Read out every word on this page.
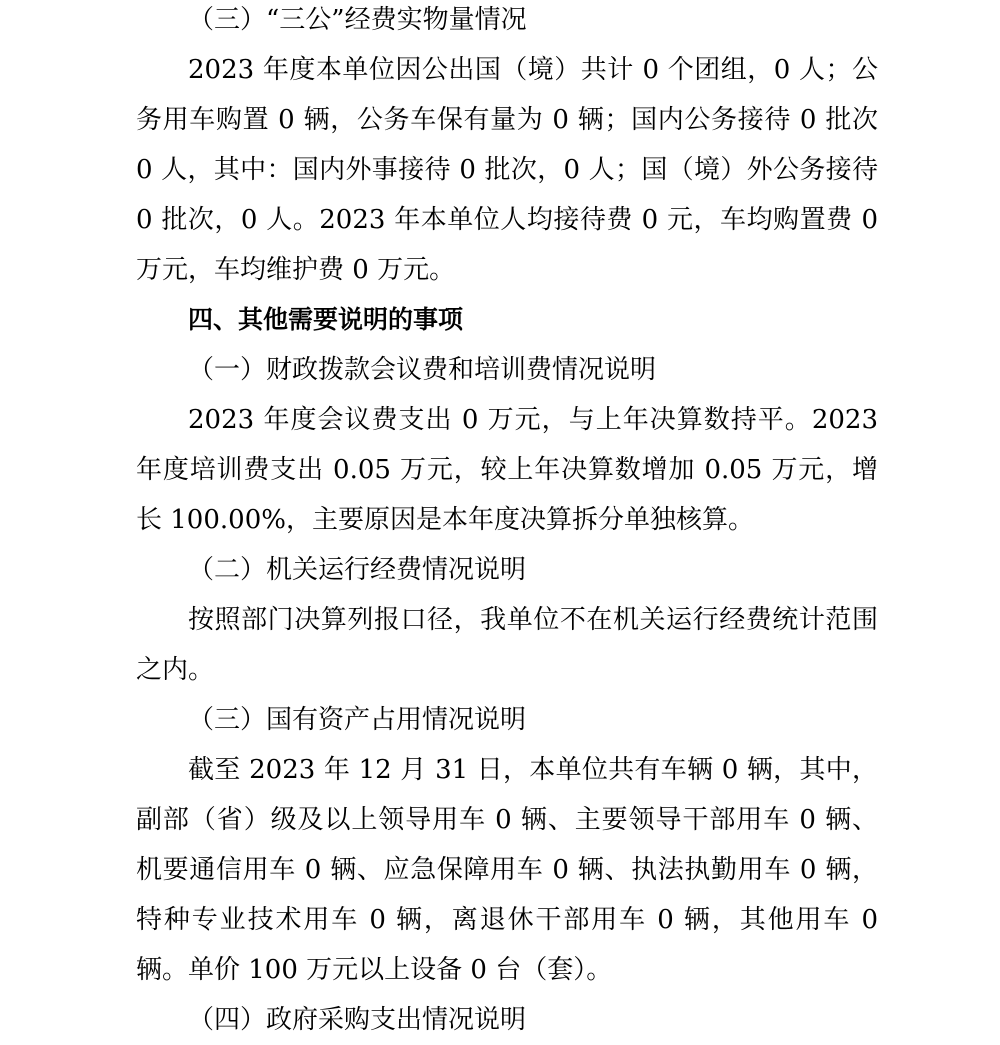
（三）“三公”经费实物量情况

2023 年度本单位因公出国（境）共计 0 个团组，0 人；公务用车购置 0 辆，公务车保有量为 0 辆；国内公务接待 0 批次 0 人，其中：国内外事接待 0 批次，0 人；国（境）外公务接待 0 批次，0 人。2023 年本单位人均接待费 0 元，车均购置费 0 万元，车均维护费 0 万元。

四、其他需要说明的事项

（一）财政拨款会议费和培训费情况说明

2023 年度会议费支出 0 万元，与上年决算数持平。2023 年度培训费支出 0.05 万元，较上年决算数增加 0.05 万元，增长 100.00%，主要原因是本年度决算拆分单独核算。

（二）机关运行经费情况说明

按照部门决算列报口径，我单位不在机关运行经费统计范围之内。

（三）国有资产占用情况说明

截至 2023 年 12 月 31 日，本单位共有车辆 0 辆，其中，副部（省）级及以上领导用车 0 辆、主要领导干部用车 0 辆、机要通信用车 0 辆、应急保障用车 0 辆、执法执勤用车 0 辆，特种专业技术用车 0 辆，离退休干部用车 0 辆，其他用车 0 辆。单价 100 万元以上设备 0 台（套）。

（四）政府采购支出情况说明
